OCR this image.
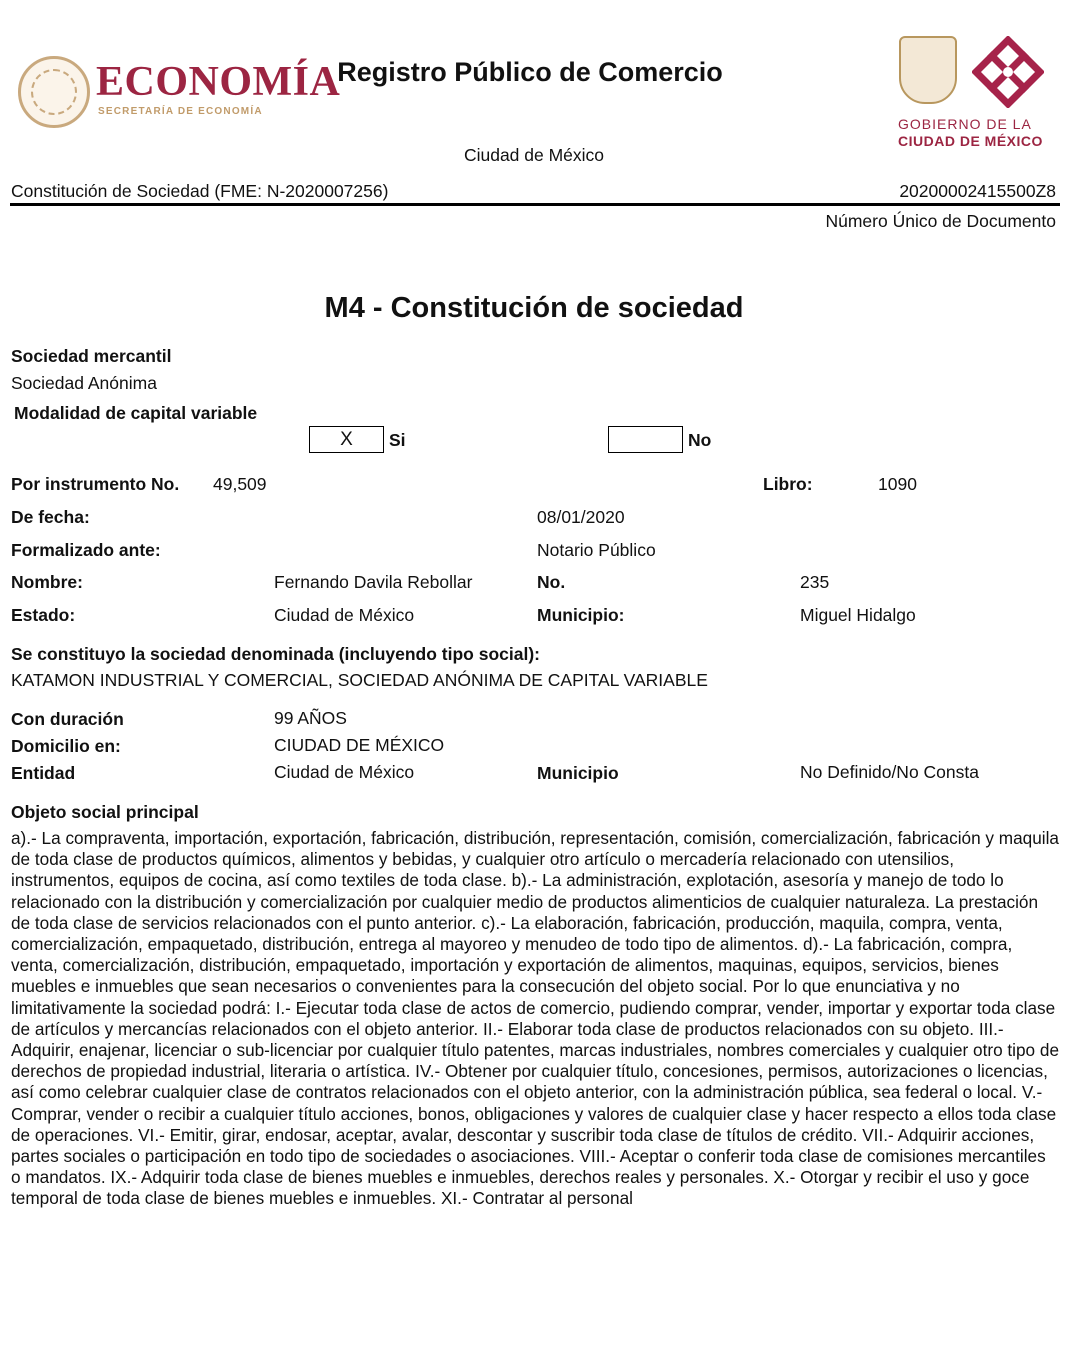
ECONOMÍA
SECRETARÍA DE ECONOMÍA
Registro Público de Comercio
Ciudad de México
GOBIERNO DE LA
CIUDAD DE MÉXICO
Constitución de Sociedad (FME: N-2020007256)	20200002415500Z8
Número Único de Documento
M4 - Constitución de sociedad
Sociedad mercantil
Sociedad Anónima
Modalidad de capital variable
X	Si	No
Por instrumento No. 49,509	Libro:	1090
De fecha:	08/01/2020
Formalizado ante:	Notario Público
Nombre:	Fernando Davila Rebollar	No.	235
Estado:	Ciudad de México	Municipio:	Miguel Hidalgo
Se constituyo la sociedad denominada (incluyendo tipo social):
KATAMON INDUSTRIAL Y COMERCIAL, SOCIEDAD ANÓNIMA DE CAPITAL VARIABLE
Con duración	99 AÑOS
Domicilio en:	CIUDAD DE MÉXICO
Entidad	Ciudad de México	Municipio	No Definido/No Consta
Objeto social principal
a).- La compraventa, importación, exportación, fabricación, distribución, representación, comisión, comercialización, fabricación y maquila de toda clase de productos químicos, alimentos y bebidas, y cualquier otro artículo o mercadería relacionado con utensilios, instrumentos, equipos de cocina, así como textiles de toda clase. b).- La administración, explotación, asesoría y manejo de todo lo relacionado con la distribución y comercialización por cualquier medio de productos alimenticios de cualquier naturaleza. La prestación de toda clase de servicios relacionados con el punto anterior. c).- La elaboración, fabricación, producción, maquila, compra, venta, comercialización, empaquetado, distribución, entrega al mayoreo y menudeo de todo tipo de alimentos. d).- La fabricación, compra, venta, comercialización, distribución, empaquetado, importación y exportación de alimentos, maquinas, equipos, servicios, bienes muebles e inmuebles que sean necesarios o convenientes para la consecución del objeto social. Por lo que enunciativa y no limitativamente la sociedad podrá: I.- Ejecutar toda clase de actos de comercio, pudiendo comprar, vender, importar y exportar toda clase de artículos y mercancías relacionados con el objeto anterior. II.- Elaborar toda clase de productos relacionados con su objeto. III.- Adquirir, enajenar, licenciar o sub-licenciar por cualquier título patentes, marcas industriales, nombres comerciales y cualquier otro tipo de derechos de propiedad industrial, literaria o artística. IV.- Obtener por cualquier título, concesiones, permisos, autorizaciones o licencias, así como celebrar cualquier clase de contratos relacionados con el objeto anterior, con la administración pública, sea federal o local. V.- Comprar, vender o recibir a cualquier título acciones, bonos, obligaciones y valores de cualquier clase y hacer respecto a ellos toda clase de operaciones. VI.- Emitir, girar, endosar, aceptar, avalar, descontar y suscribir toda clase de títulos de crédito. VII.- Adquirir acciones, partes sociales o participación en todo tipo de sociedades o asociaciones. VIII.- Aceptar o conferir toda clase de comisiones mercantiles o mandatos. IX.- Adquirir toda clase de bienes muebles e inmuebles, derechos reales y personales. X.- Otorgar y recibir el uso y goce temporal de toda clase de bienes muebles e inmuebles. XI.- Contratar al personal
